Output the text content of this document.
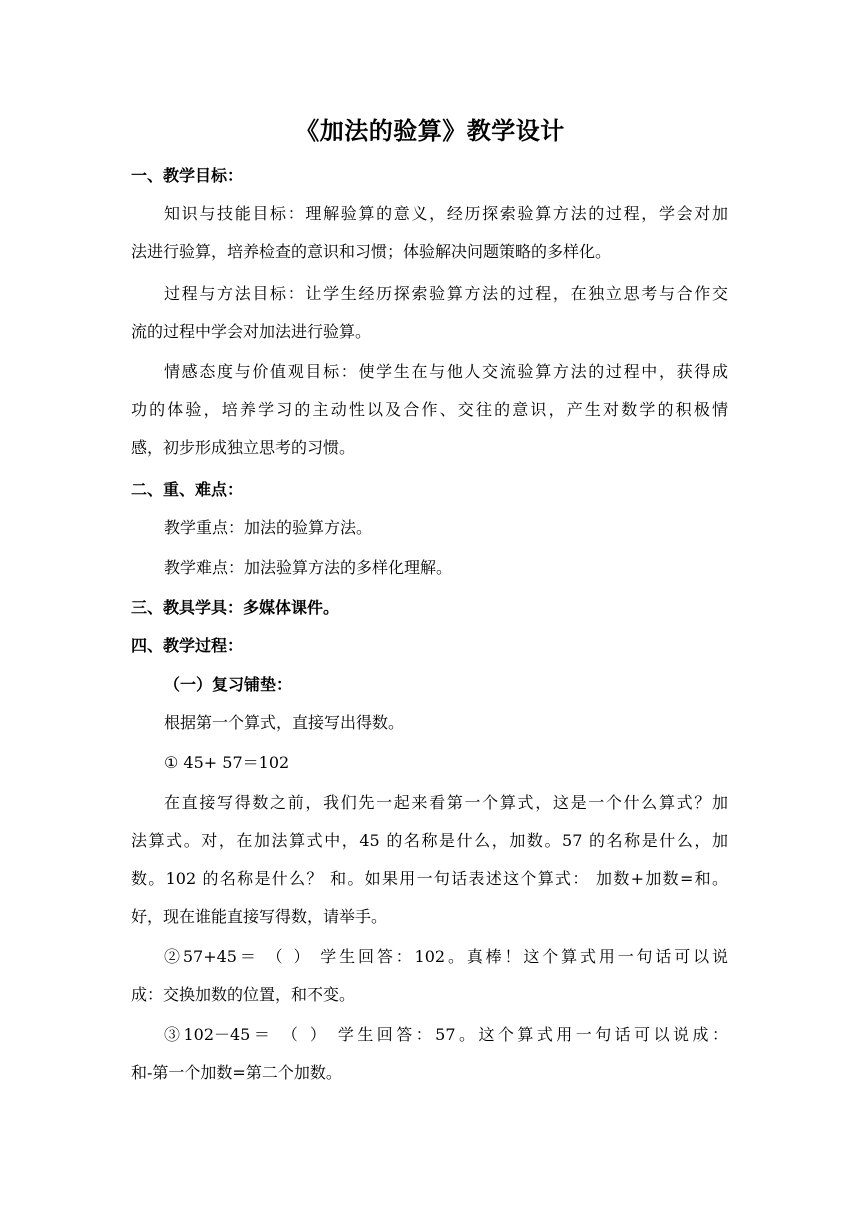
《加法的验算》教学设计
一、教学目标：
知识与技能目标：理解验算的意义，经历探索验算方法的过程，学会对加
法进行验算，培养检查的意识和习惯；体验解决问题策略的多样化。
过程与方法目标：让学生经历探索验算方法的过程，在独立思考与合作交
流的过程中学会对加法进行验算。
情感态度与价值观目标：使学生在与他人交流验算方法的过程中，获得成
功的体验，培养学习的主动性以及合作、交往的意识，产生对数学的积极情
感，初步形成独立思考的习惯。
二、重、难点：
教学重点：加法的验算方法。
教学难点：加法验算方法的多样化理解。
三、教具学具：多媒体课件。
四、教学过程：
（一）复习铺垫：
根据第一个算式，直接写出得数。
① 45+ 57＝102
在直接写得数之前，我们先一起来看第一个算式，这是一个什么算式？加
法算式。对，在加法算式中，45 的名称是什么，加数。57 的名称是什么，加
数。102 的名称是什么？ 和。如果用一句话表述这个算式： 加数+加数=和。
好，现在谁能直接写得数，请举手。
②57+45＝ （ ） 学生回答：102。真棒！这个算式用一句话可以说
成：交换加数的位置，和不变。
③102－45＝ （ ） 学生回答：57。这个算式用一句话可以说成：
和-第一个加数=第二个加数。
